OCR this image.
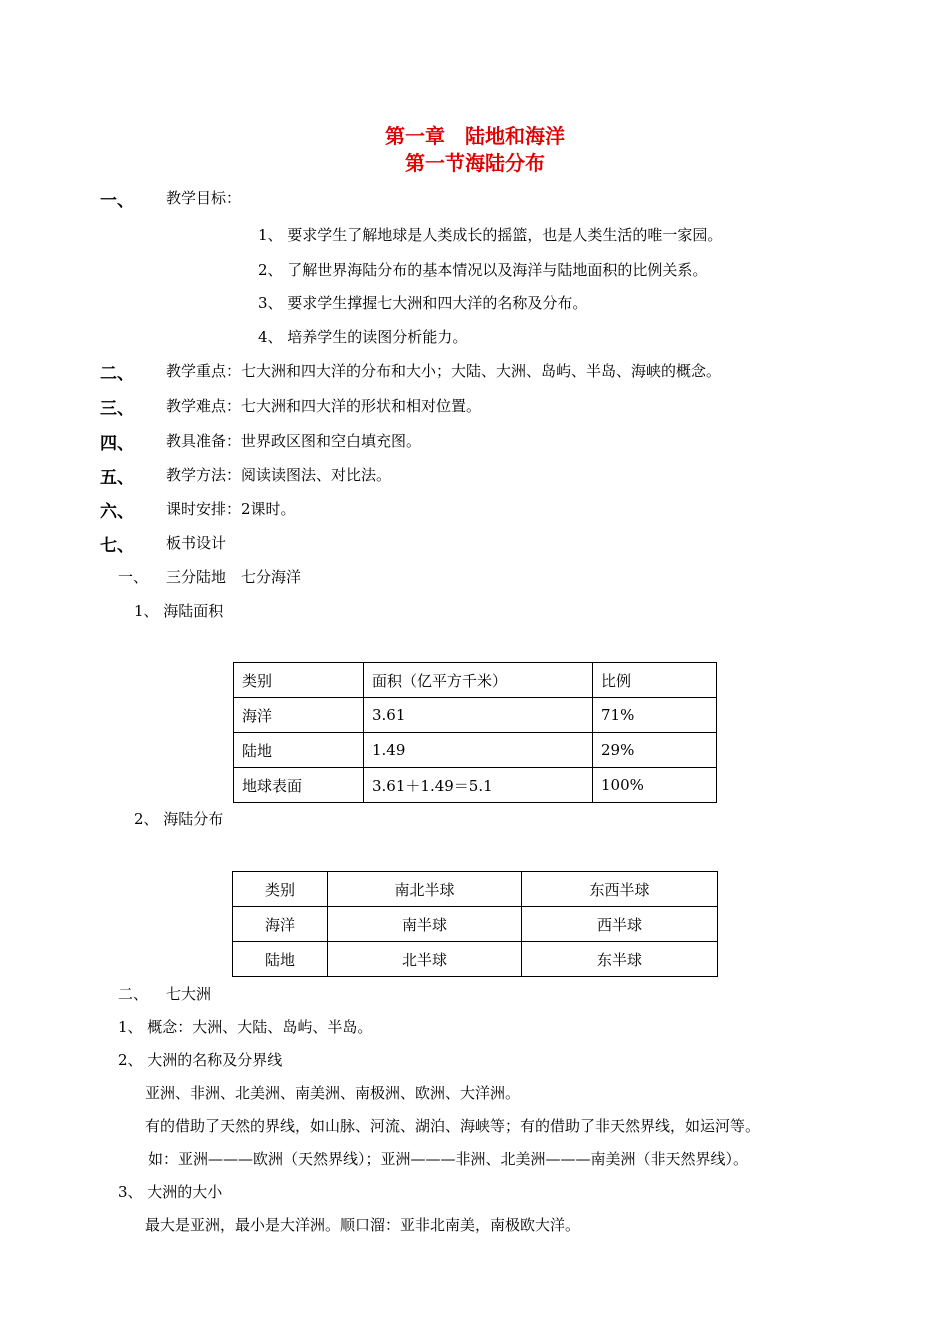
第一章　陆地和海洋
第一节海陆分布
一、 教学目标：
1、 要求学生了解地球是人类成长的摇篮，也是人类生活的唯一家园。
2、 了解世界海陆分布的基本情况以及海洋与陆地面积的比例关系。
3、 要求学生撑握七大洲和四大洋的名称及分布。
4、 培养学生的读图分析能力。
二、 教学重点：七大洲和四大洋的分布和大小；大陆、大洲、岛屿、半岛、海峡的概念。
三、 教学难点：七大洲和四大洋的形状和相对位置。
四、 教具准备：世界政区图和空白填充图。
五、 教学方法：阅读读图法、对比法。
六、 课时安排：2课时。
七、 板书设计
一、 三分陆地　七分海洋
1、 海陆面积
类别	面积（亿平方千米）	比例
海洋	3.61	71%
陆地	1.49	29%
地球表面	3.61＋1.49＝5.1	100%
2、 海陆分布
类别	南北半球	东西半球
海洋	南半球	西半球
陆地	北半球	东半球
二、 七大洲
1、 概念：大洲、大陆、岛屿、半岛。
2、 大洲的名称及分界线
亚洲、非洲、北美洲、南美洲、南极洲、欧洲、大洋洲。
有的借助了天然的界线，如山脉、河流、湖泊、海峡等；有的借助了非天然界线，如运河等。
如：亚洲———欧洲（天然界线）；亚洲———非洲、北美洲———南美洲（非天然界线）。
3、 大洲的大小
最大是亚洲，最小是大洋洲。顺口溜：亚非北南美，南极欧大洋。
